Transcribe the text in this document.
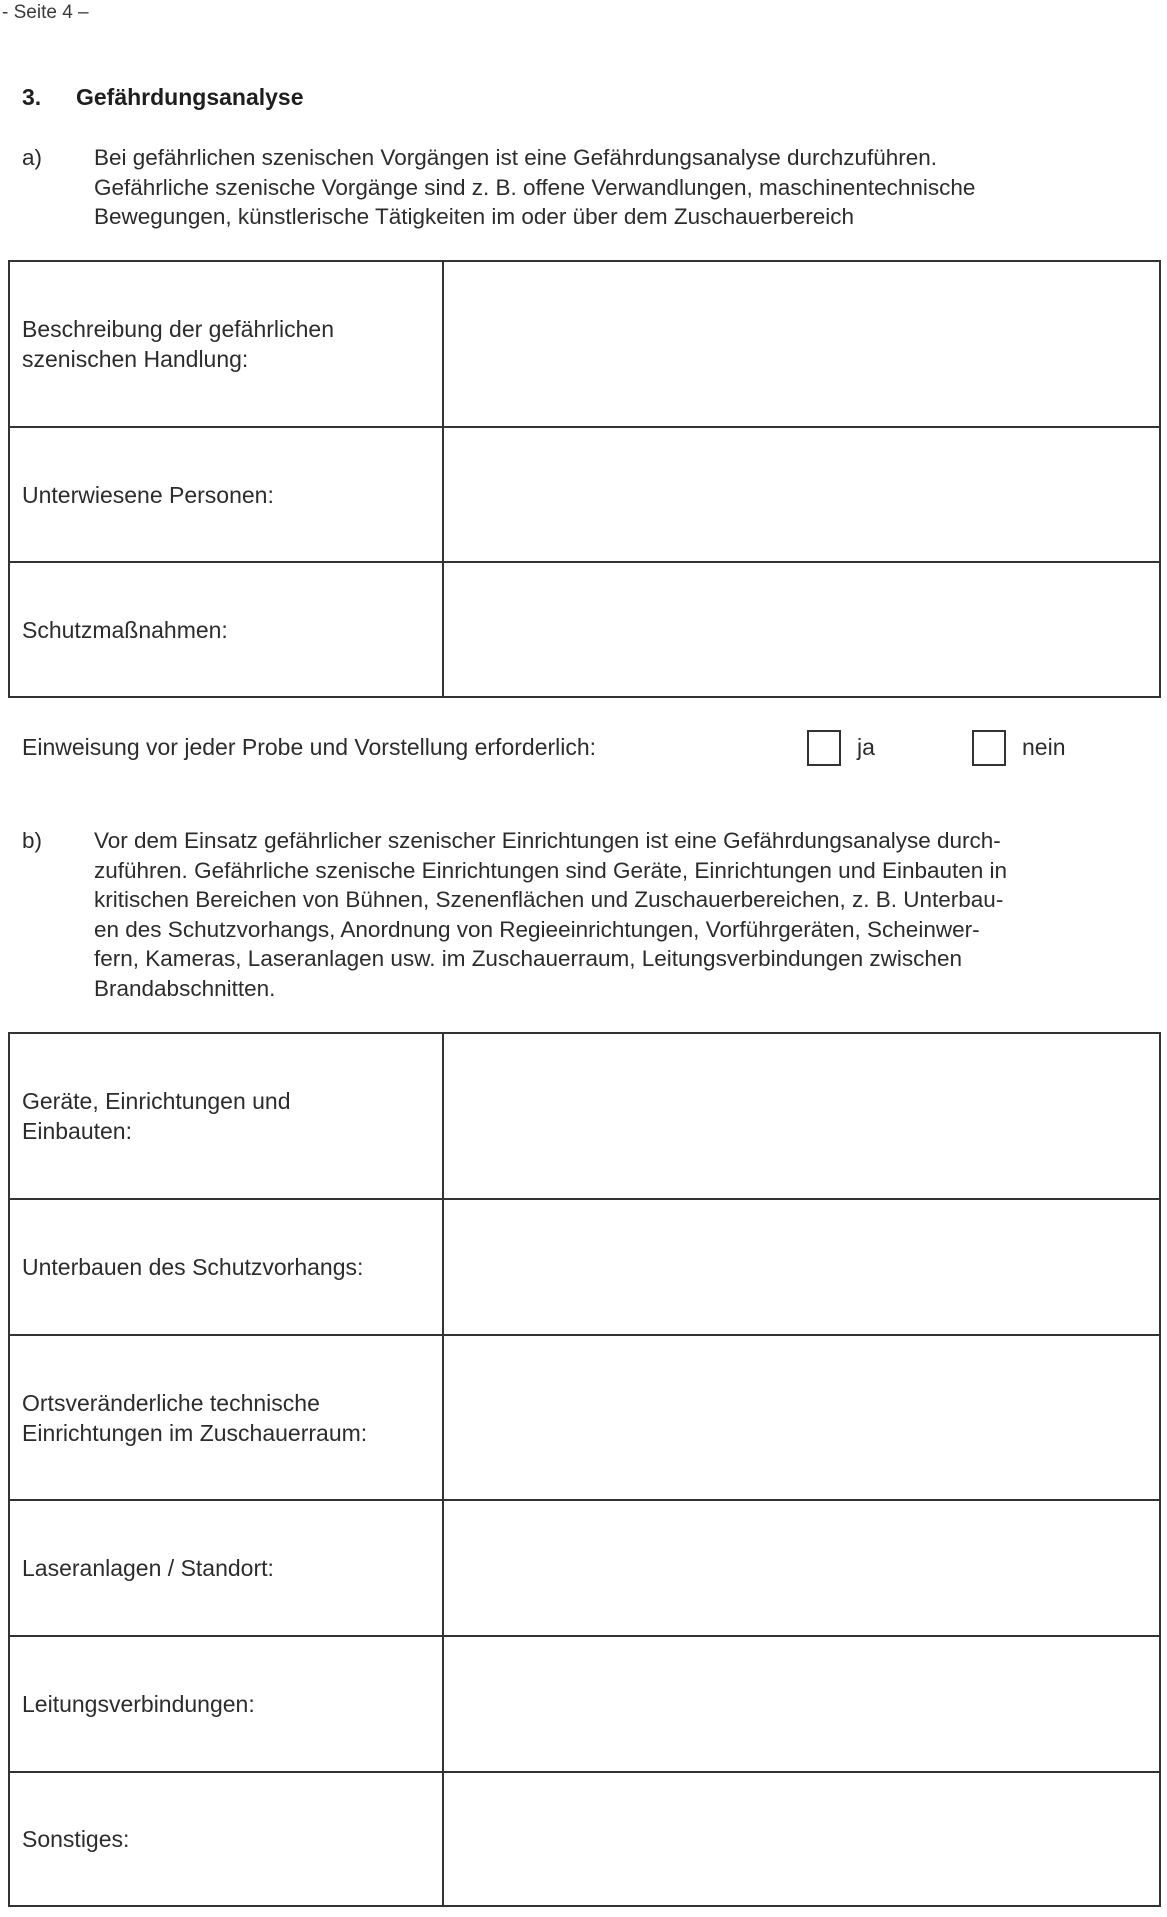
- Seite 4 –
3. Gefährdungsanalyse
a) Bei gefährlichen szenischen Vorgängen ist eine Gefährdungsanalyse durchzuführen.
Gefährliche szenische Vorgänge sind z. B. offene Verwandlungen, maschinentechnische
Bewegungen, künstlerische Tätigkeiten im oder über dem Zuschauerbereich
Beschreibung der gefährlichen
szenischen Handlung:	

Unterwiesene Personen:	

Schutzmaßnahmen:	

Einweisung vor jeder Probe und Vorstellung erforderlich:	ja	nein
b) Vor dem Einsatz gefährlicher szenischer Einrichtungen ist eine Gefährdungsanalyse durch-
zuführen. Gefährliche szenische Einrichtungen sind Geräte, Einrichtungen und Einbauten in
kritischen Bereichen von Bühnen, Szenenflächen und Zuschauerbereichen, z. B. Unterbau-
en des Schutzvorhangs, Anordnung von Regieeinrichtungen, Vorführgeräten, Scheinwer-
fern, Kameras, Laseranlagen usw. im Zuschauerraum, Leitungsverbindungen zwischen
Brandabschnitten.
Geräte, Einrichtungen und
Einbauten:	

Unterbauen des Schutzvorhangs:	

Ortsveränderliche technische
Einrichtungen im Zuschauerraum:	

Laseranlagen / Standort:	

Leitungsverbindungen:	

Sonstiges:	
